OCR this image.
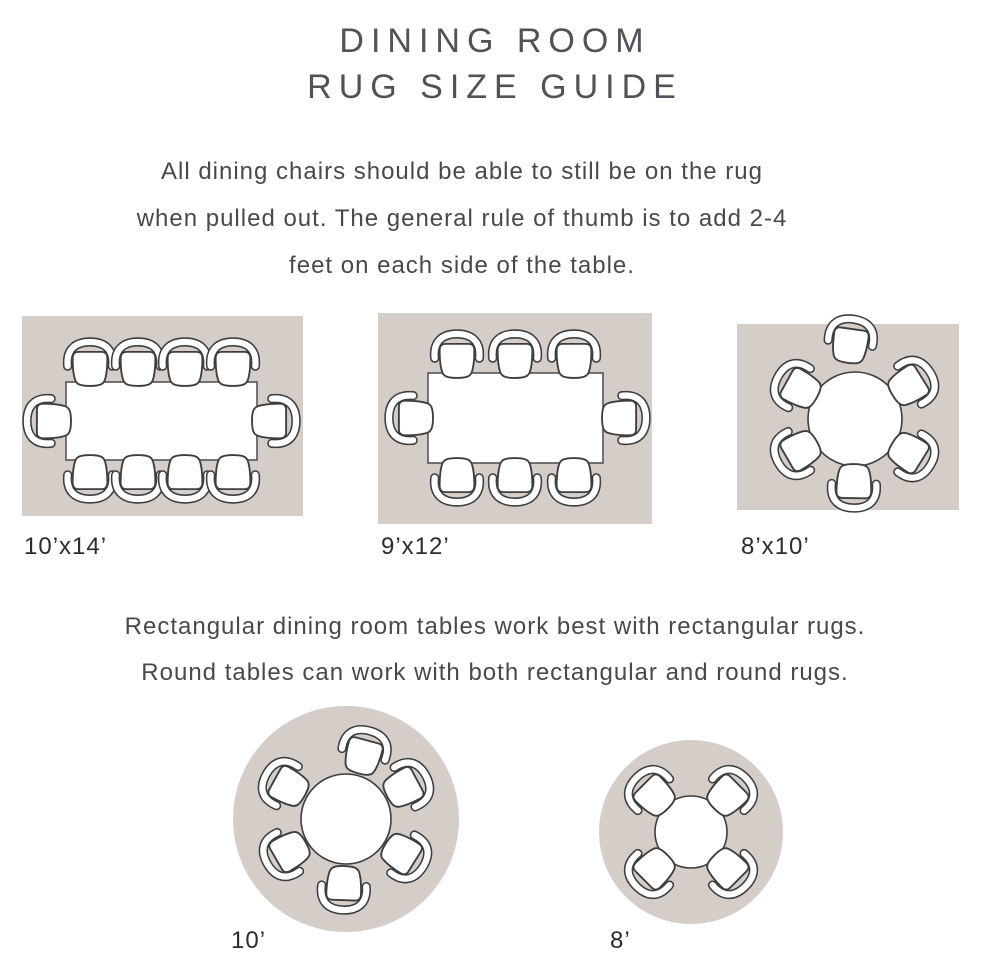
DINING ROOM
RUG SIZE GUIDE
All dining chairs should be able to still be on the rug
when pulled out. The general rule of thumb is to add 2-4
feet on each side of the table.
10’x14’	9’x12’	8’x10’
Rectangular dining room tables work best with rectangular rugs.
Round tables can work with both rectangular and round rugs.
10’	8’
